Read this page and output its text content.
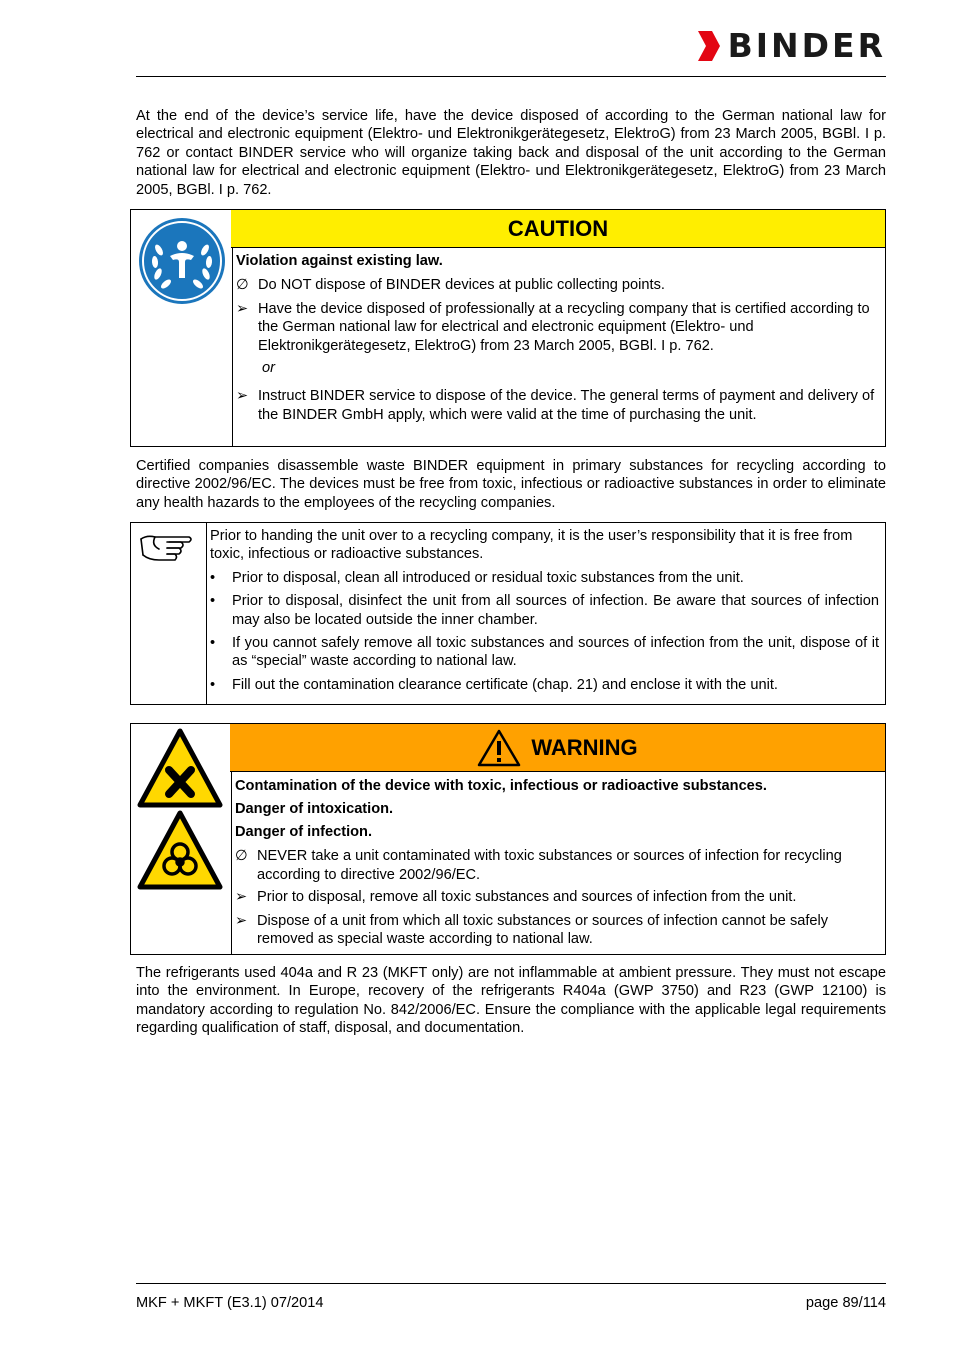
BINDER

At the end of the device’s service life, have the device disposed of according to the German national law for electrical and electronic equipment (Elektro- und Elektronikgerätegesetz, ElektroG) from 23 March 2005, BGBl. I p. 762 or contact BINDER service who will organize taking back and disposal of the unit according to the German national law for electrical and electronic equipment (Elektro- und Elektronikgerätegesetz, ElektroG) from 23 March 2005, BGBl. I p. 762.

CAUTION

Violation against existing law.

∅ Do NOT dispose of BINDER devices at public collecting points.
➢ Have the device disposed of professionally at a recycling company that is certified according to the German national law for electrical and electronic equipment (Elektro- und Elektronikgerätegesetz, ElektroG) from 23 March 2005, BGBl. I p. 762.
or
➢ Instruct BINDER service to dispose of the device. The general terms of payment and delivery of the BINDER GmbH apply, which were valid at the time of purchasing the unit.

Certified companies disassemble waste BINDER equipment in primary substances for recycling according to directive 2002/96/EC. The devices must be free from toxic, infectious or radioactive substances in order to eliminate any health hazards to the employees of the recycling companies.

Prior to handing the unit over to a recycling company, it is the user’s responsibility that it is free from toxic, infectious or radioactive substances.

•	Prior to disposal, clean all introduced or residual toxic substances from the unit.
•	Prior to disposal, disinfect the unit from all sources of infection. Be aware that sources of infection may also be located outside the inner chamber.
•	If you cannot safely remove all toxic substances and sources of infection from the unit, dispose of it as “special” waste according to national law.
•	Fill out the contamination clearance certificate (chap. 21) and enclose it with the unit.
WARNING

Contamination of the device with toxic, infectious or radioactive substances.

Danger of intoxication.

Danger of infection.

∅ NEVER take a unit contaminated with toxic substances or sources of infection for recycling according to directive 2002/96/EC.
➢ Prior to disposal, remove all toxic substances and sources of infection from the unit.
➢ Dispose of a unit from which all toxic substances or sources of infection cannot be safely removed as special waste according to national law.

The refrigerants used 404a and R 23 (MKFT only) are not inflammable at ambient pressure. They must not escape into the environment. In Europe, recovery of the refrigerants R404a (GWP 3750) and R23 (GWP 12100) is mandatory according to regulation No. 842/2006/EC. Ensure the compliance with the applicable legal requirements regarding qualification of staff, disposal, and documentation.

MKF + MKFT (E3.1) 07/2014	page 89/114
